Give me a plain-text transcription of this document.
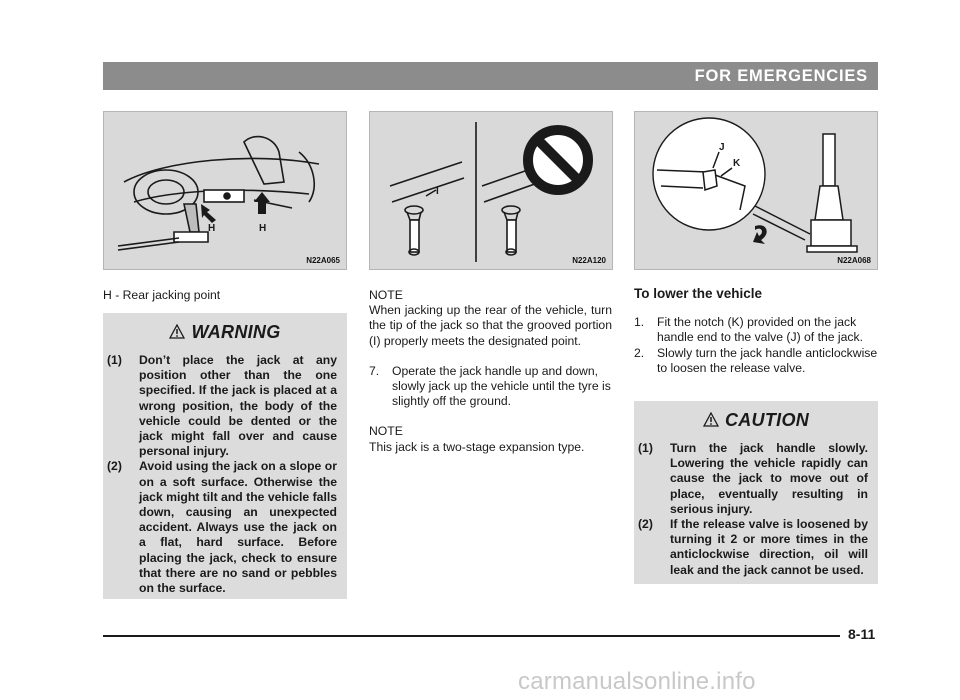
FOR EMERGENCIES
H	H
N22A065
I
N22A120
J
K
N22A068

H - Rear jacking point

WARNING
(1)	Don’t place the jack at any position other than the one specified. If the jack is placed at a wrong position, the body of the vehicle could be dented or the jack might fall over and cause personal injury.
(2)	Avoid using the jack on a slope or on a soft surface. Otherwise the jack might tilt and the vehicle falls down, causing an unexpected accident. Always use the jack on a flat, hard surface. Before placing the jack, check to ensure that there are no sand or pebbles on the surface.

NOTE

When jacking up the rear of the vehicle, turn the tip of the jack so that the grooved portion (I) properly meets the designated point.

7.	Operate the jack handle up and down, slowly jack up the vehicle until the tyre is slightly off the ground.

NOTE

This jack is a two-stage expansion type.

To lower the vehicle

1.	Fit the notch (K) provided on the jack handle end to the valve (J) of the jack.
2.	Slowly turn the jack handle anticlockwise to loosen the release valve.
CAUTION
(1)	Turn the jack handle slowly. Lowering the vehicle rapidly can cause the jack to move out of place, eventually resulting in serious injury.
(2)	If the release valve is loosened by turning it 2 or more times in the anticlockwise direction, oil will leak and the jack cannot be used.
8-11
carmanualsonline.info
